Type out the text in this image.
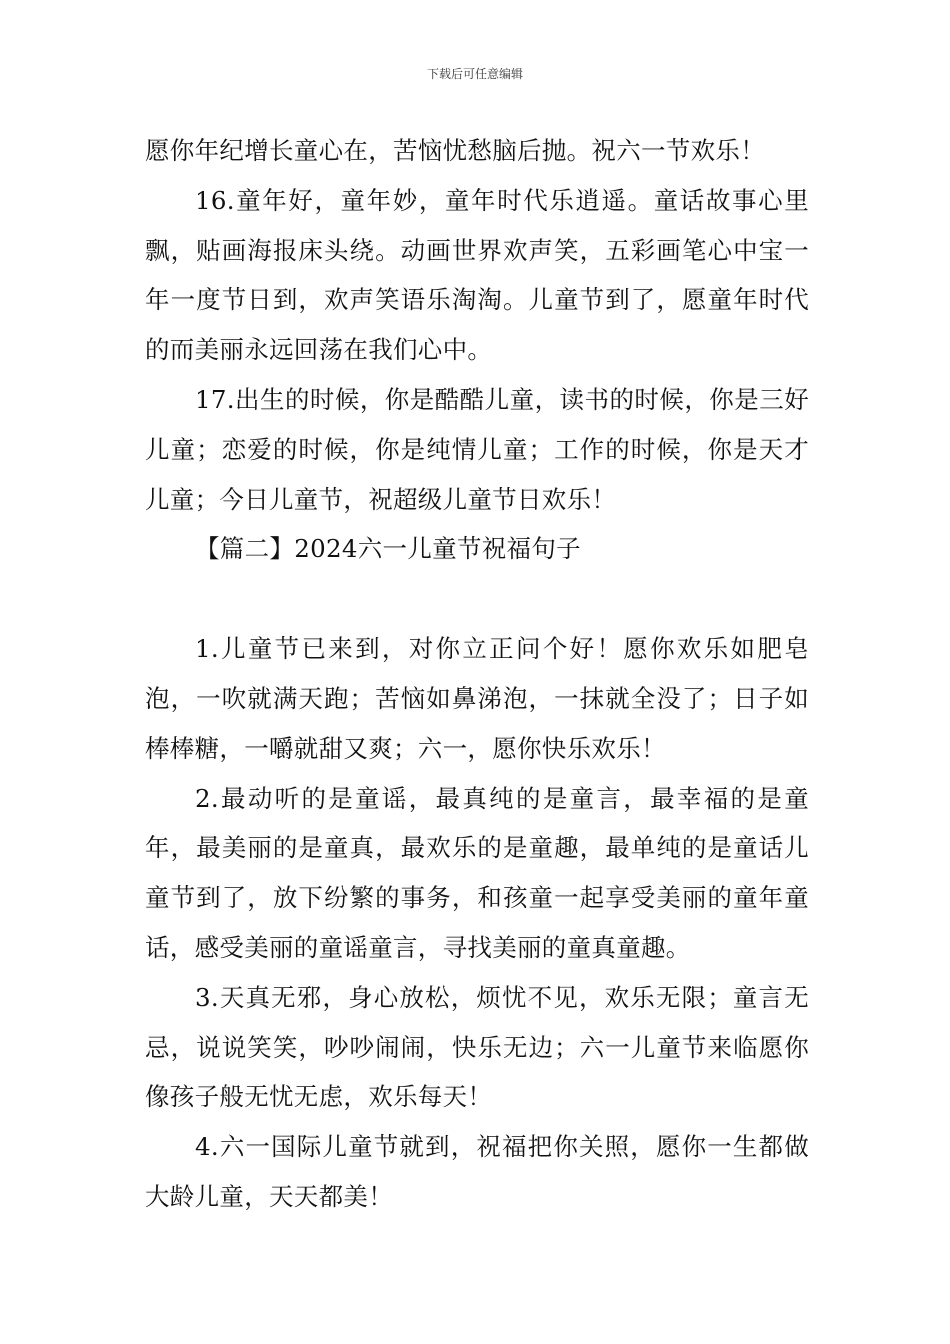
下载后可任意编辑

愿你年纪增长童心在，苦恼忧愁脑后抛。祝六一节欢乐！

16.童年好，童年妙，童年时代乐逍遥。童话故事心里飘，贴画海报床头绕。动画世界欢声笑，五彩画笔心中宝一年一度节日到，欢声笑语乐淘淘。儿童节到了，愿童年时代的而美丽永远回荡在我们心中。

17.出生的时候，你是酷酷儿童，读书的时候，你是三好儿童；恋爱的时候，你是纯情儿童；工作的时候，你是天才儿童；今日儿童节，祝超级儿童节日欢乐！

【篇二】2024六一儿童节祝福句子

1.儿童节已来到，对你立正问个好！愿你欢乐如肥皂泡，一吹就满天跑；苦恼如鼻涕泡，一抹就全没了；日子如棒棒糖，一嚼就甜又爽；六一，愿你快乐欢乐！

2.最动听的是童谣，最真纯的是童言，最幸福的是童年，最美丽的是童真，最欢乐的是童趣，最单纯的是童话儿童节到了，放下纷繁的事务，和孩童一起享受美丽的童年童话，感受美丽的童谣童言，寻找美丽的童真童趣。

3.天真无邪，身心放松，烦忧不见，欢乐无限；童言无忌，说说笑笑，吵吵闹闹，快乐无边；六一儿童节来临愿你像孩子般无忧无虑，欢乐每天！

4.六一国际儿童节就到，祝福把你关照，愿你一生都做大龄儿童，天天都美！
